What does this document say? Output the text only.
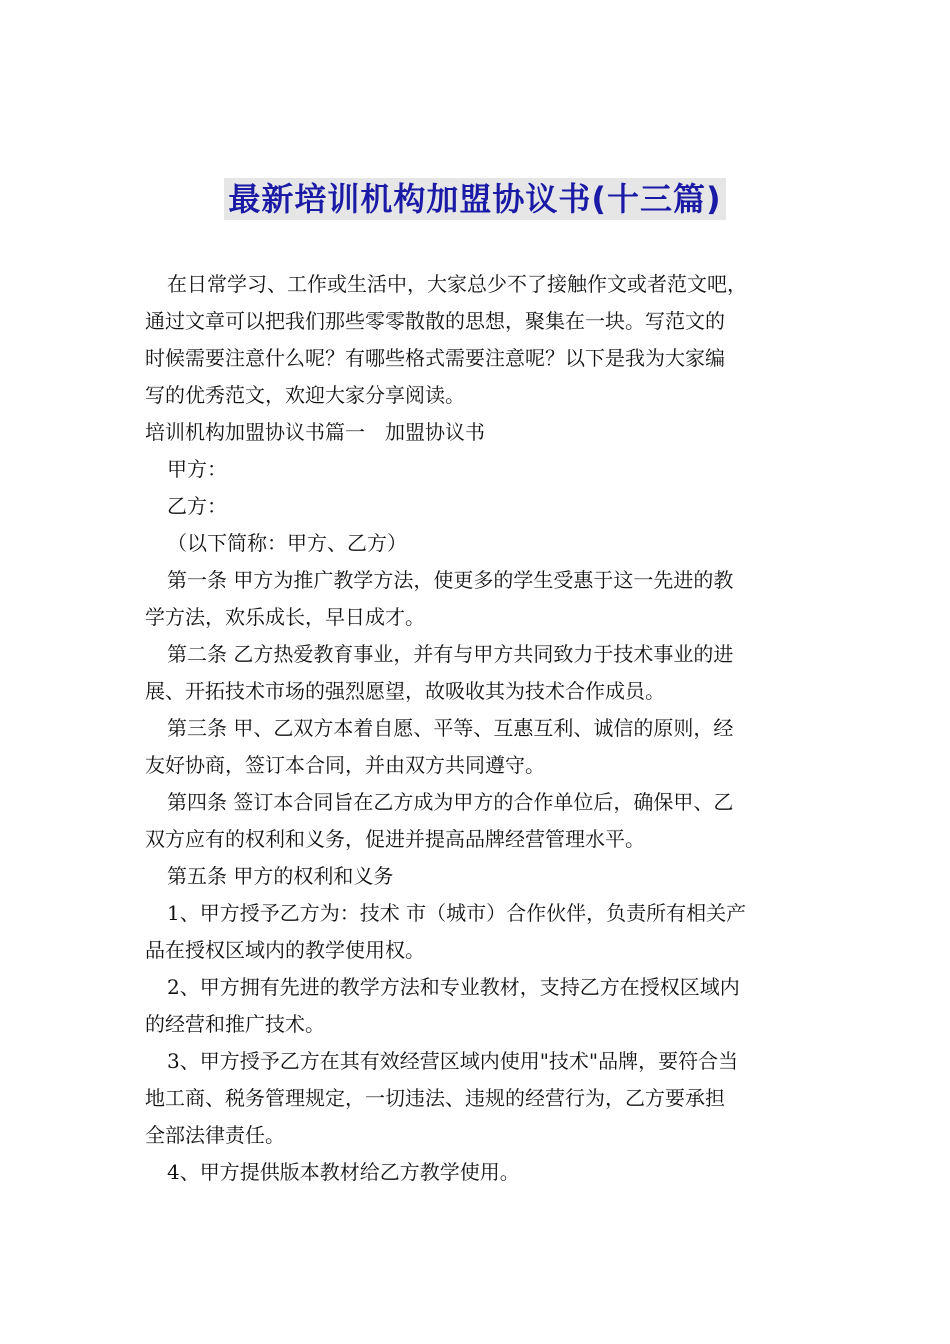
最新培训机构加盟协议书(十三篇)

在日常学习、工作或生活中，大家总少不了接触作文或者范文吧，

通过文章可以把我们那些零零散散的思想，聚集在一块。写范文的

时候需要注意什么呢？有哪些格式需要注意呢？以下是我为大家编

写的优秀范文，欢迎大家分享阅读。

培训机构加盟协议书篇一　加盟协议书

甲方：

乙方：

（以下简称：甲方、乙方）

第一条 甲方为推广教学方法，使更多的学生受惠于这一先进的教

学方法，欢乐成长，早日成才。

第二条 乙方热爱教育事业，并有与甲方共同致力于技术事业的进

展、开拓技术市场的强烈愿望，故吸收其为技术合作成员。

第三条 甲、乙双方本着自愿、平等、互惠互利、诚信的原则，经

友好协商，签订本合同，并由双方共同遵守。

第四条 签订本合同旨在乙方成为甲方的合作单位后，确保甲、乙

双方应有的权利和义务，促进并提高品牌经营管理水平。

第五条 甲方的权利和义务

1、甲方授予乙方为：技术 市（城市）合作伙伴，负责所有相关产

品在授权区域内的教学使用权。

2、甲方拥有先进的教学方法和专业教材，支持乙方在授权区域内

的经营和推广技术。

3、甲方授予乙方在其有效经营区域内使用"技术"品牌，要符合当

地工商、税务管理规定，一切违法、违规的经营行为，乙方要承担

全部法律责任。

4、甲方提供版本教材给乙方教学使用。
